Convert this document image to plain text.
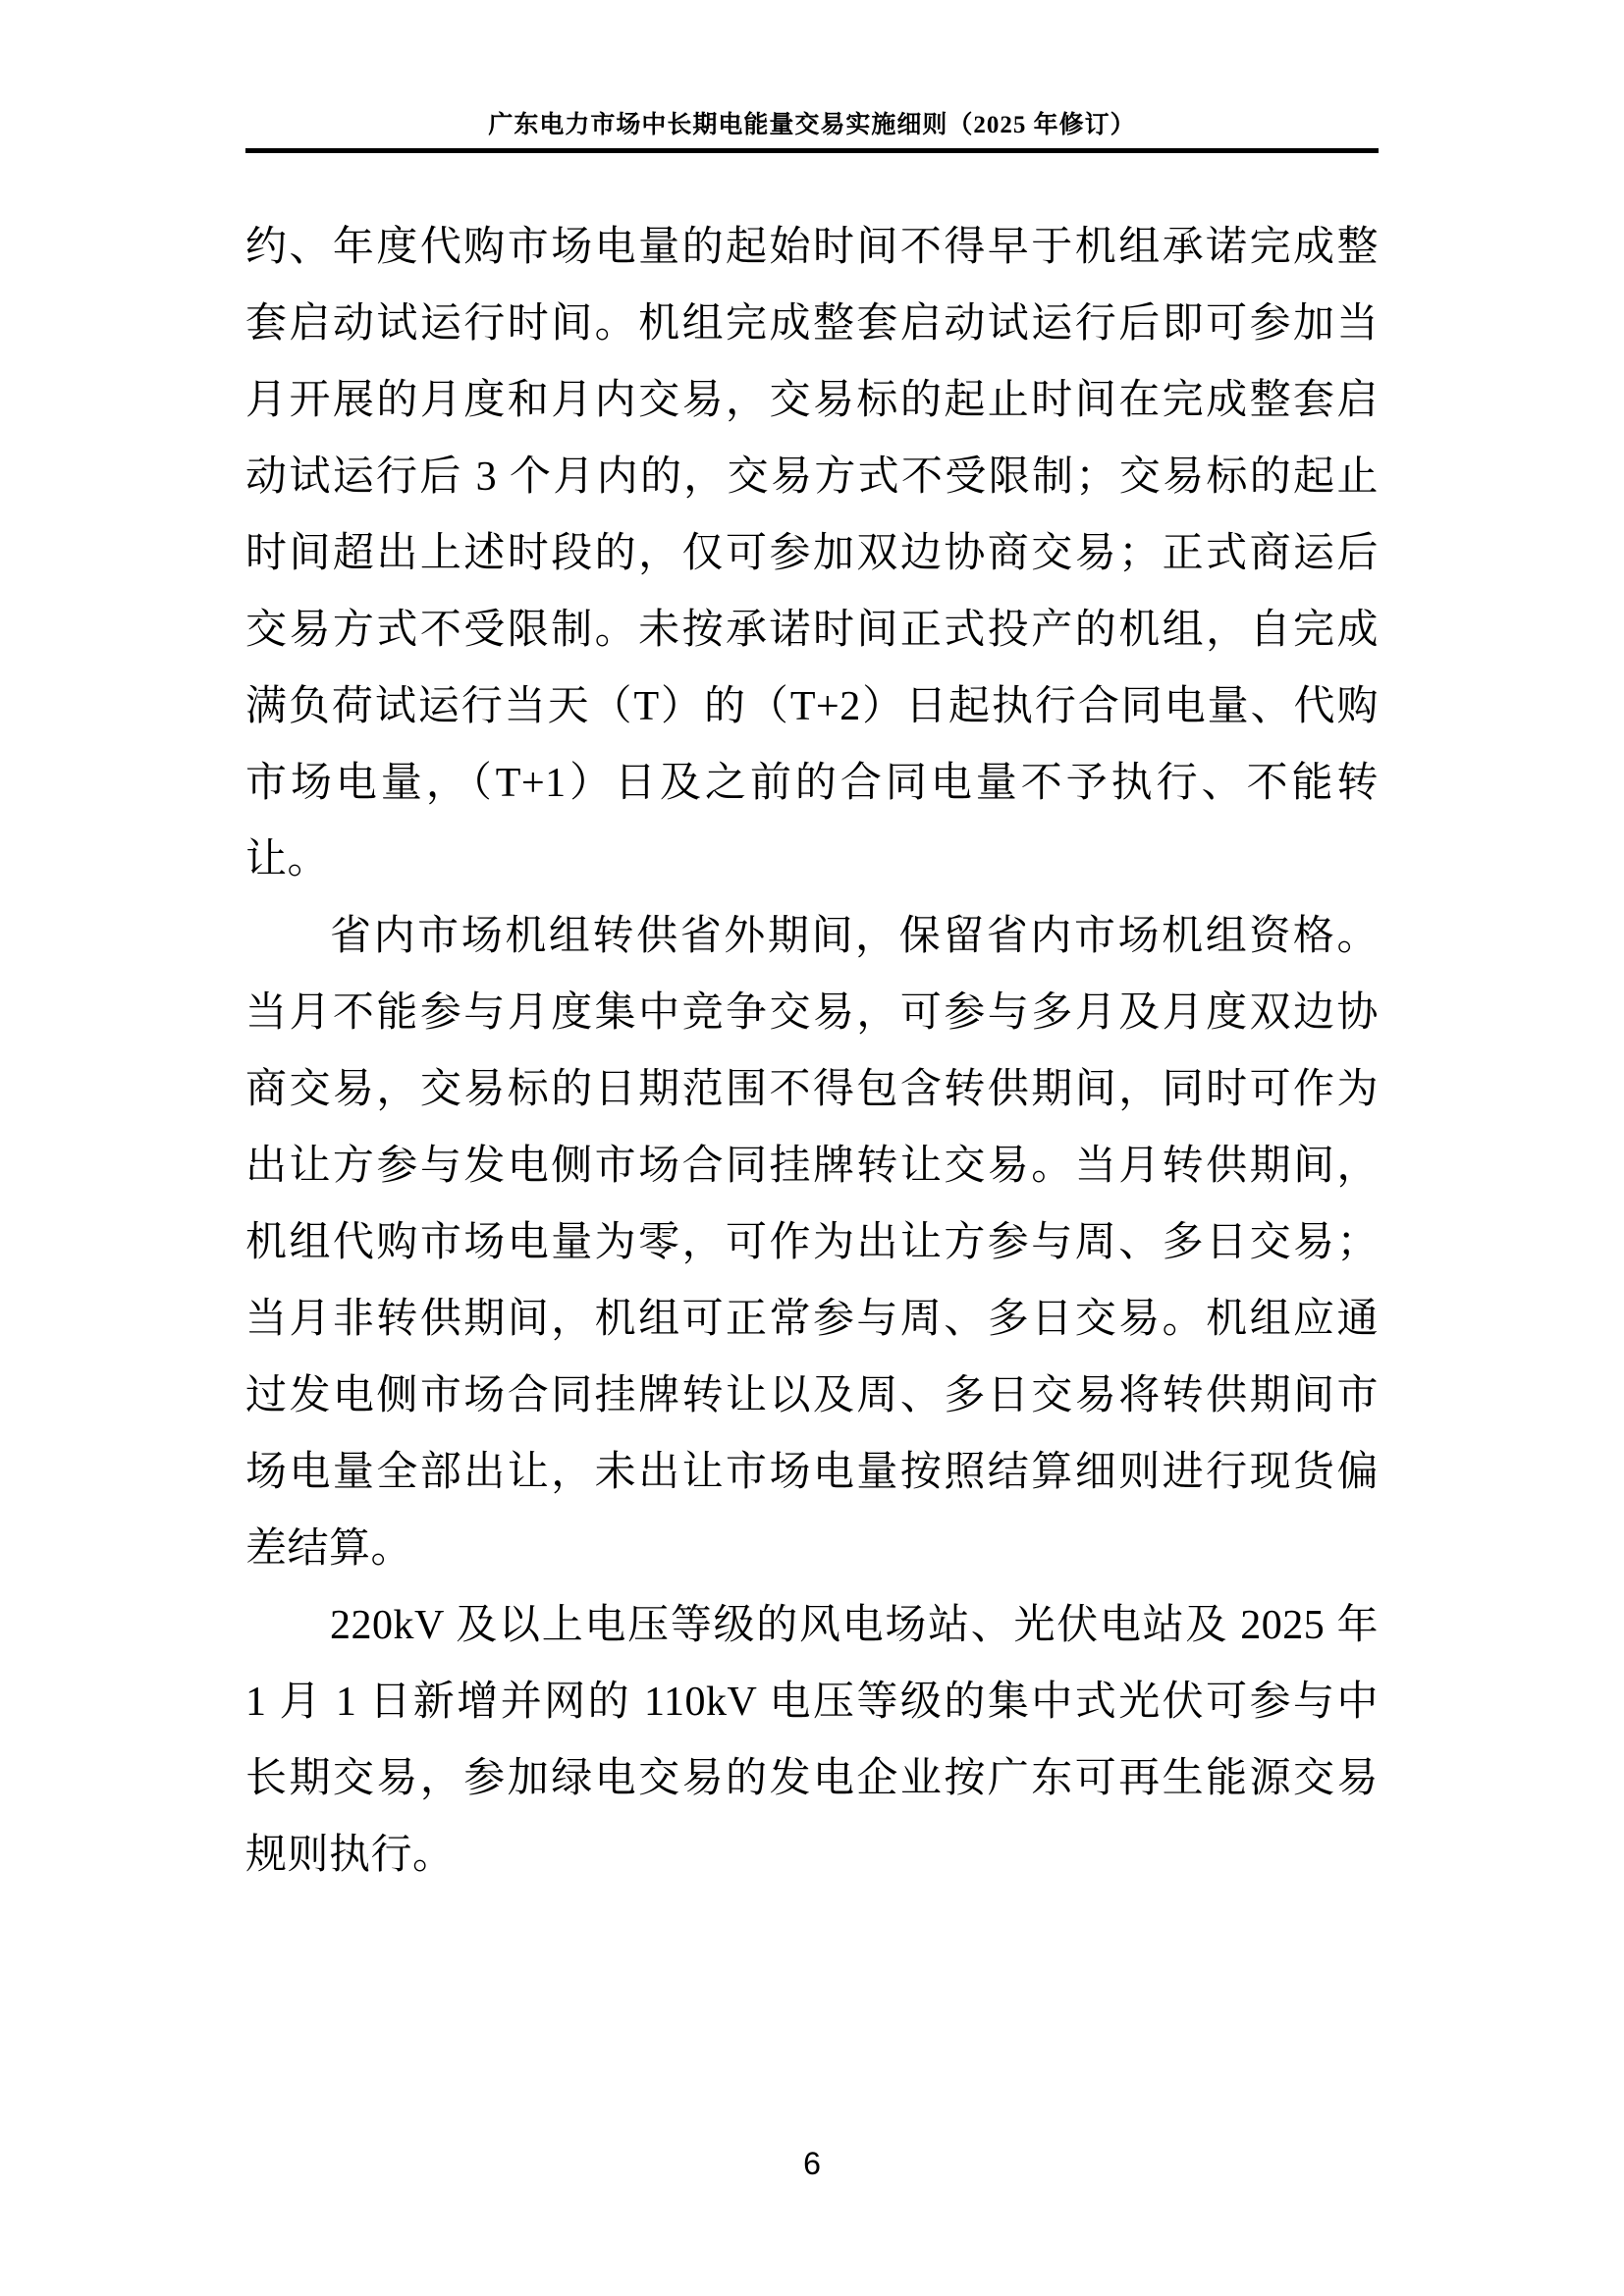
广东电力市场中长期电能量交易实施细则（2025 年修订）
约、年度代购市场电量的起始时间不得早于机组承诺完成整
套启动试运行时间。机组完成整套启动试运行后即可参加当
月开展的月度和月内交易，交易标的起止时间在完成整套启
动试运行后 3 个月内的，交易方式不受限制；交易标的起止
时间超出上述时段的，仅可参加双边协商交易；正式商运后
交易方式不受限制。未按承诺时间正式投产的机组，自完成
满负荷试运行当天（T）的（T+2）日起执行合同电量、代购
市场电量，（T+1）日及之前的合同电量不予执行、不能转
让。
省内市场机组转供省外期间，保留省内市场机组资格。
当月不能参与月度集中竞争交易，可参与多月及月度双边协
商交易，交易标的日期范围不得包含转供期间，同时可作为
出让方参与发电侧市场合同挂牌转让交易。当月转供期间，
机组代购市场电量为零，可作为出让方参与周、多日交易；
当月非转供期间，机组可正常参与周、多日交易。机组应通
过发电侧市场合同挂牌转让以及周、多日交易将转供期间市
场电量全部出让，未出让市场电量按照结算细则进行现货偏
差结算。
220kV 及以上电压等级的风电场站、光伏电站及 2025 年
1 月 1 日新增并网的 110kV 电压等级的集中式光伏可参与中
长期交易，参加绿电交易的发电企业按广东可再生能源交易
规则执行。
6
